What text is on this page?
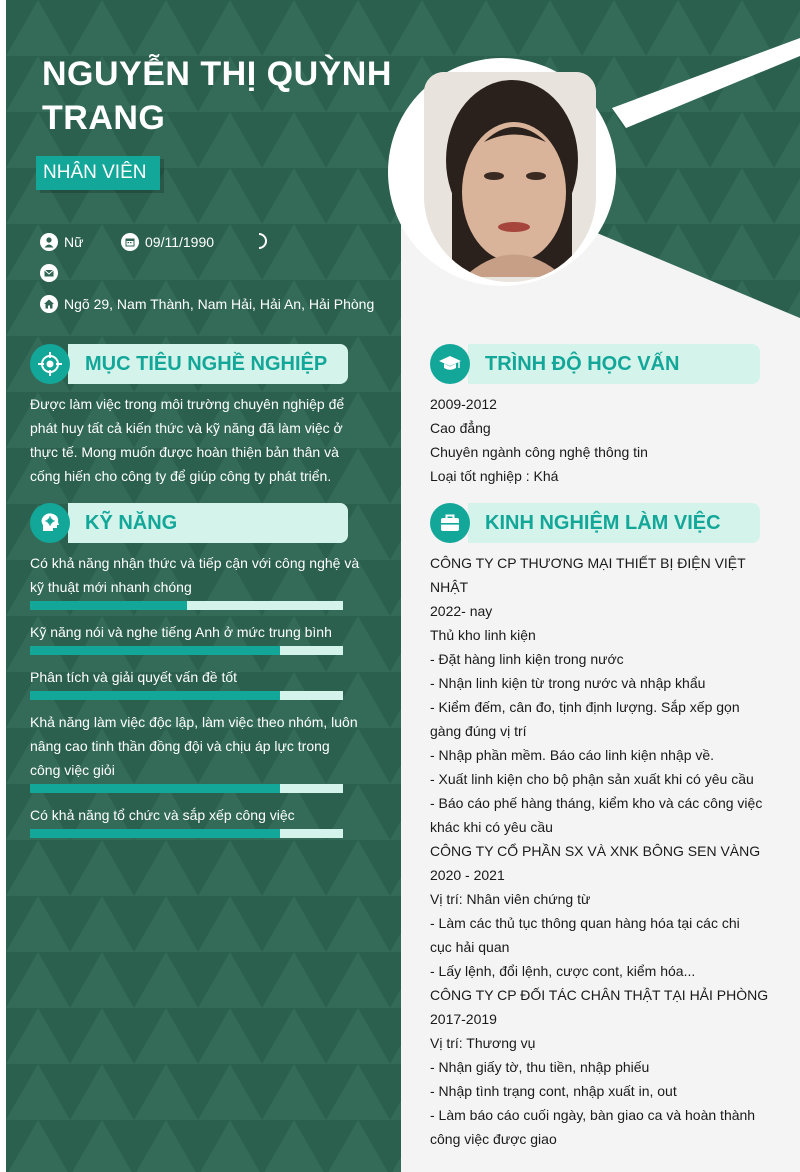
NGUYỄN THỊ QUỲNH TRANG
NHÂN VIÊN
Nữ	09/11/1990
Ngõ 29, Nam Thành, Nam Hải, Hải An, Hải Phòng
MỤC TIÊU NGHỀ NGHIỆP
Được làm việc trong môi trường chuyên nghiệp để
phát huy tất cả kiến thức và kỹ năng đã làm việc ở
thực tế. Mong muốn được hoàn thiện bản thân và
cống hiến cho công ty để giúp công ty phát triển.
KỸ NĂNG
Có khả năng nhận thức và tiếp cận với công nghệ và
kỹ thuật mới nhanh chóng
Kỹ năng nói và nghe tiếng Anh ở mức trung bình
Phân tích và giải quyết vấn đề tốt
Khả năng làm việc độc lập, làm việc theo nhóm, luôn
nâng cao tinh thần đồng đội và chịu áp lực trong
công việc giỏi
Có khả năng tổ chức và sắp xếp công việc
TRÌNH ĐỘ HỌC VẤN
2009-2012
Cao đẳng
Chuyên ngành công nghệ thông tin
Loại tốt nghiệp : Khá
KINH NGHIỆM LÀM VIỆC
CÔNG TY CP THƯƠNG MẠI THIẾT BỊ ĐIỆN VIỆT NHẬT
2022- nay
Thủ kho linh kiện
- Đặt hàng linh kiện trong nước
- Nhận linh kiện từ trong nước và nhập khẩu
- Kiểm đếm, cân đo, tịnh định lượng. Sắp xếp gọn
gàng đúng vị trí
- Nhập phần mềm. Báo cáo linh kiện nhập về.
- Xuất linh kiện cho bộ phận sản xuất khi có yêu cầu
- Báo cáo phế hàng tháng, kiểm kho và các công việc
khác khi có yêu cầu
CÔNG TY CỔ PHẦN SX VÀ XNK BÔNG SEN VÀNG
2020 - 2021
Vị trí: Nhân viên chứng từ
- Làm các thủ tục thông quan hàng hóa tại các chi
cục hải quan
- Lấy lệnh, đổi lệnh, cược cont, kiểm hóa...
CÔNG TY CP ĐỐI TÁC CHÂN THẬT TẠI HẢI PHÒNG
2017-2019
Vị trí: Thương vụ
- Nhận giấy tờ, thu tiền, nhập phiếu
- Nhập tình trạng cont, nhập xuất in, out
- Làm báo cáo cuối ngày, bàn giao ca và hoàn thành
công việc được giao
